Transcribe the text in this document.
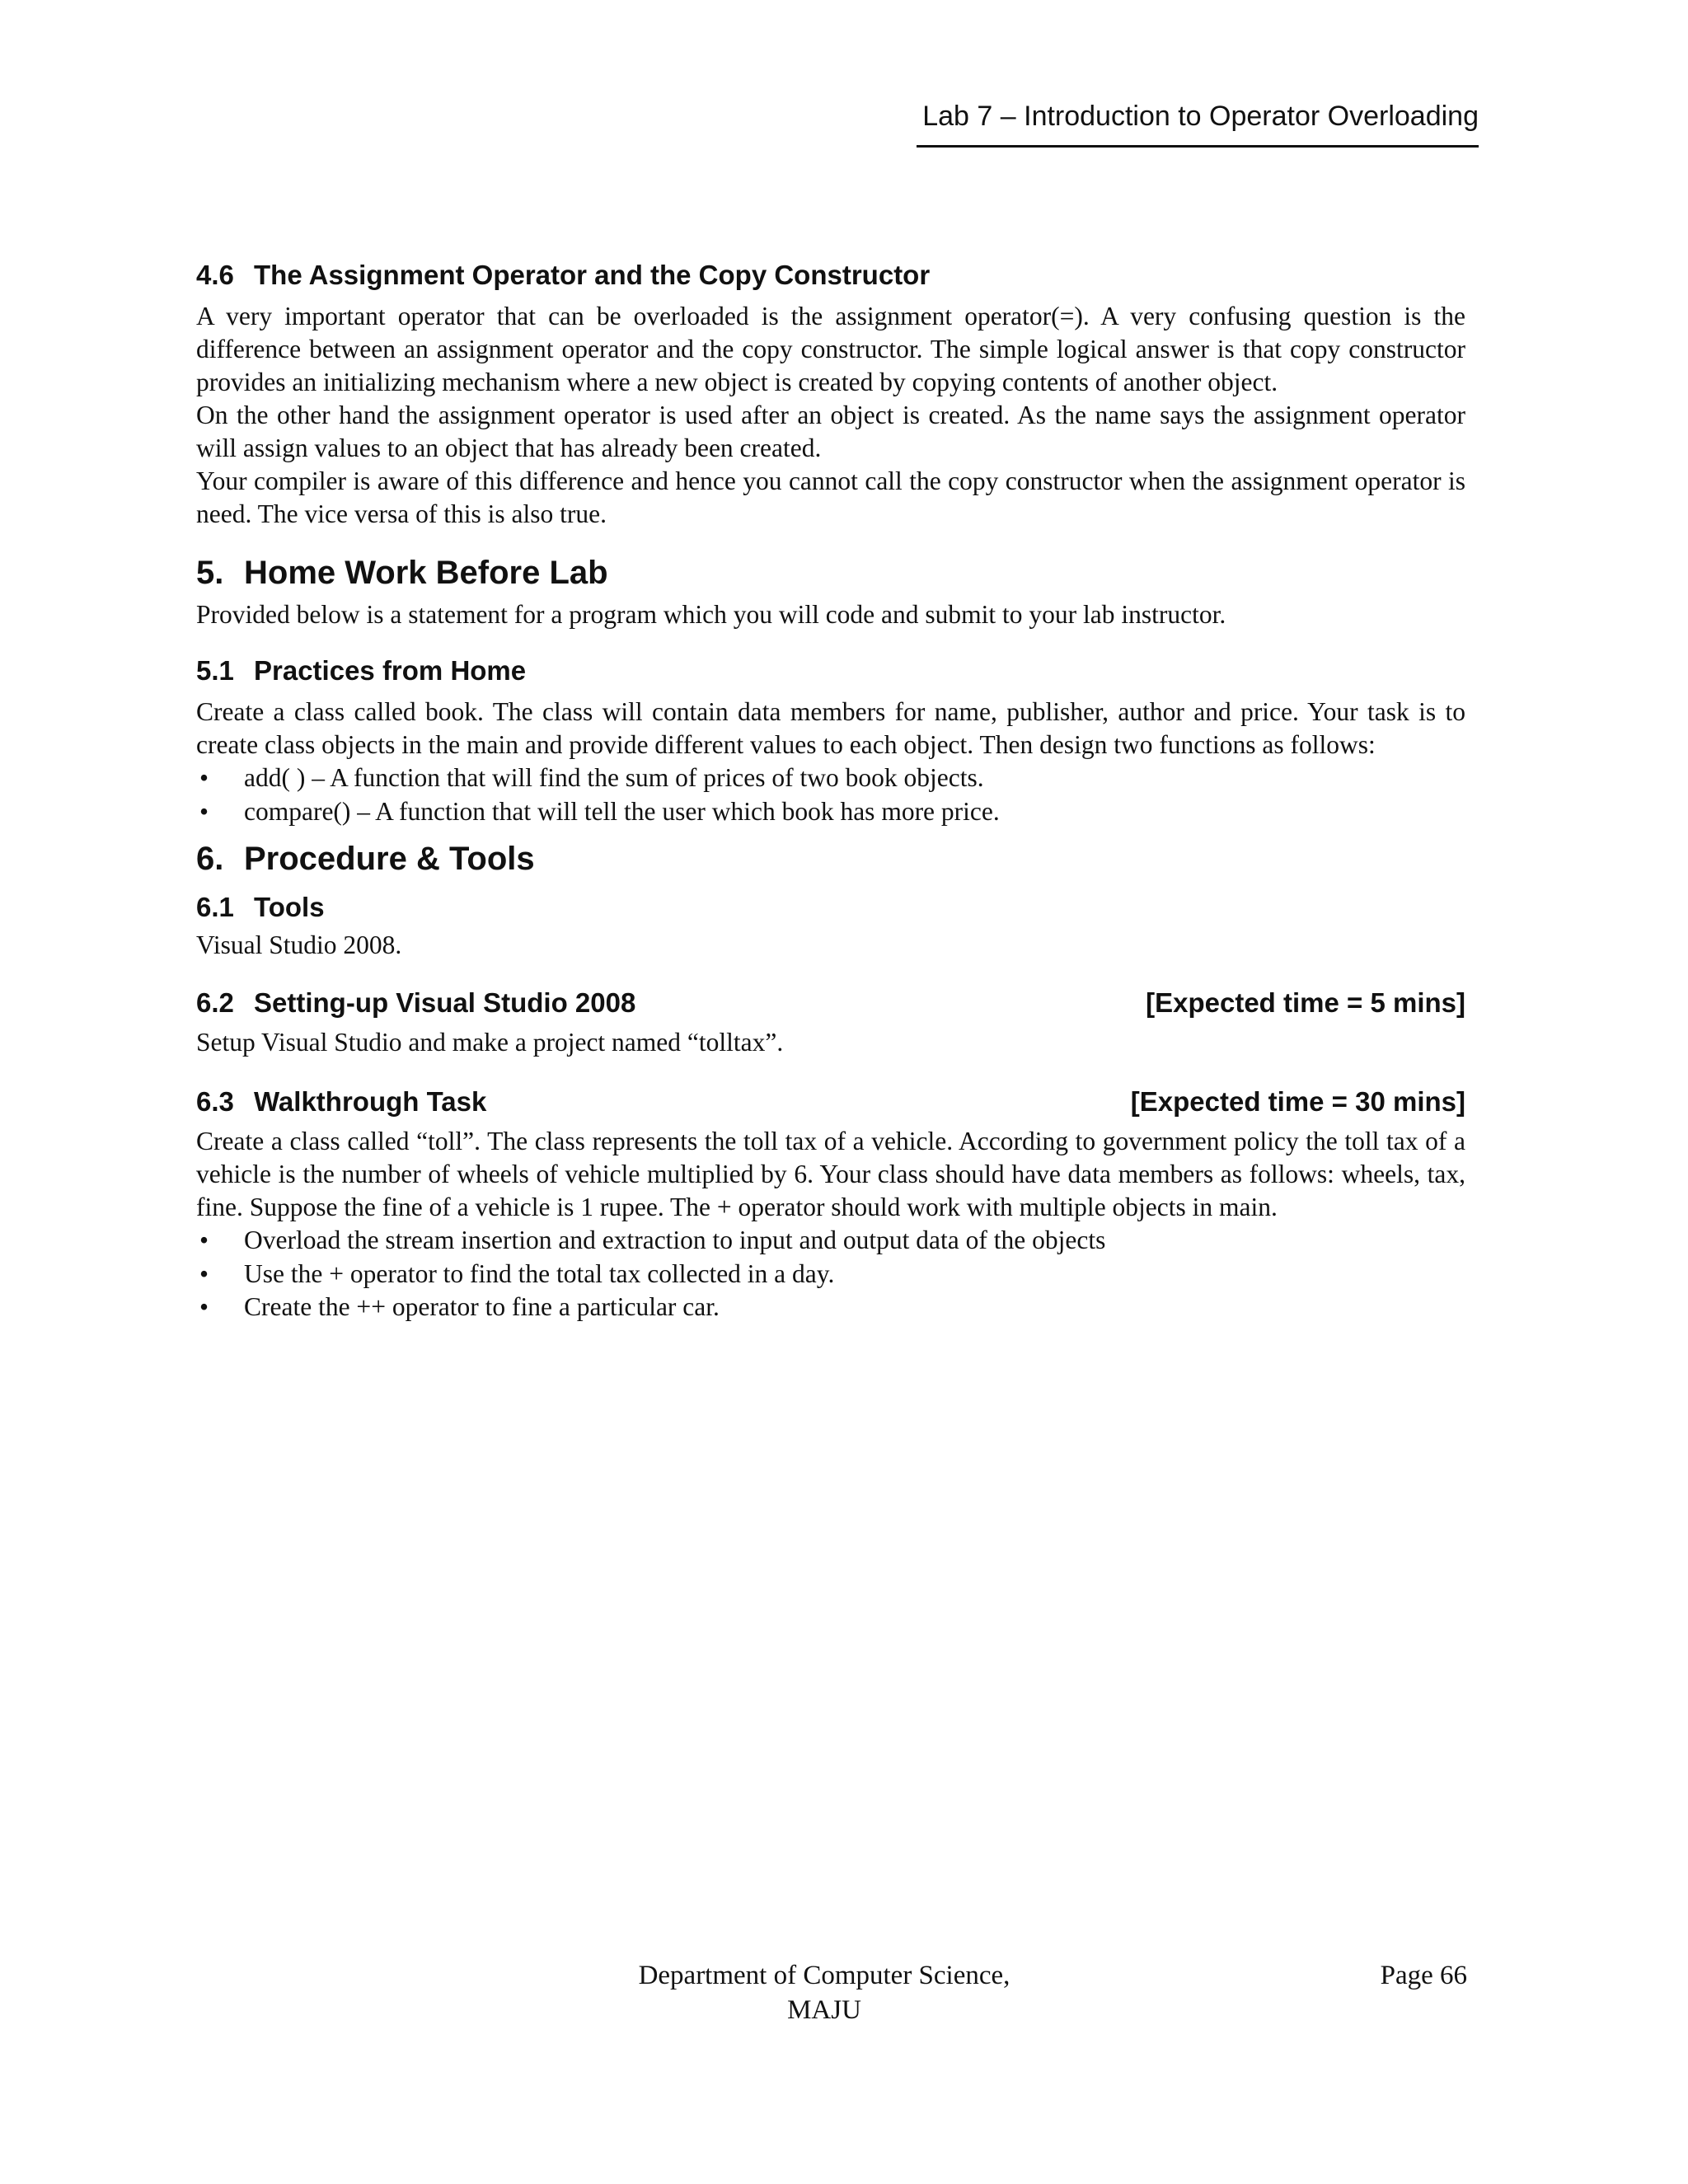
Lab 7 – Introduction to Operator Overloading
4.6 The Assignment Operator and the Copy Constructor

A very important operator that can be overloaded is the assignment operator(=). A very confusing question is the difference between an assignment operator and the copy constructor. The simple logical answer is that copy constructor provides an initializing mechanism where a new object is created by copying contents of another object.

On the other hand the assignment operator is used after an object is created. As the name says the assignment operator will assign values to an object that has already been created.

Your compiler is aware of this difference and hence you cannot call the copy constructor when the assignment operator is need. The vice versa of this is also true.

5. Home Work Before Lab

Provided below is a statement for a program which you will code and submit to your lab instructor.

5.1 Practices from Home

Create a class called book. The class will contain data members for name, publisher, author and price. Your task is to create class objects in the main and provide different values to each object. Then design two functions as follows:

• add( ) – A function that will find the sum of prices of two book objects.
• compare() – A function that will tell the user which book has more price.
6. Procedure & Tools
6.1 Tools

Visual Studio 2008.

6.2 Setting-up Visual Studio 2008	[Expected time = 5 mins]

Setup Visual Studio and make a project named “tolltax”.

6.3 Walkthrough Task	[Expected time = 30 mins]

Create a class called “toll”. The class represents the toll tax of a vehicle. According to government policy the toll tax of a vehicle is the number of wheels of vehicle multiplied by 6. Your class should have data members as follows: wheels, tax, fine. Suppose the fine of a vehicle is 1 rupee. The + operator should work with multiple objects in main.

• Overload the stream insertion and extraction to input and output data of the objects
• Use the + operator to find the total tax collected in a day.
• Create the ++ operator to fine a particular car.
Department of Computer Science,
MAJU
Page 66
